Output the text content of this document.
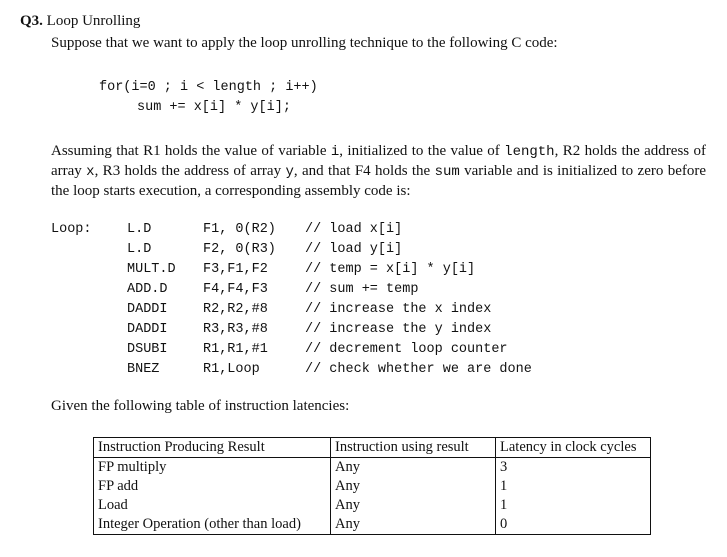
Q3. Loop Unrolling
Suppose that we want to apply the loop unrolling technique to the following C code:
for(i=0 ; i < length ; i++)
sum += x[i] * y[i];
Assuming that R1 holds the value of variable i, initialized to the value of length, R2 holds the address of array x, R3 holds the address of array y, and that F4 holds the sum variable and is initialized to zero before the loop starts execution, a corresponding assembly code is:
Loop:	L.D	F1, 0(R2)	// load x[i]
L.D	F2, 0(R3)	// load y[i]
MULT.D	F3,F1,F2	// temp = x[i] * y[i]
ADD.D	F4,F4,F3	// sum += temp
DADDI	R2,R2,#8	// increase the x index
DADDI	R3,R3,#8	// increase the y index
DSUBI	R1,R1,#1	// decrement loop counter
BNEZ	R1,Loop	// check whether we are done
Given the following table of instruction latencies:
Instruction Producing Result	Instruction using result	Latency in clock cycles
FP multiply	Any	3
FP add	Any	1
Load	Any	1
Integer Operation (other than load)	Any	0
